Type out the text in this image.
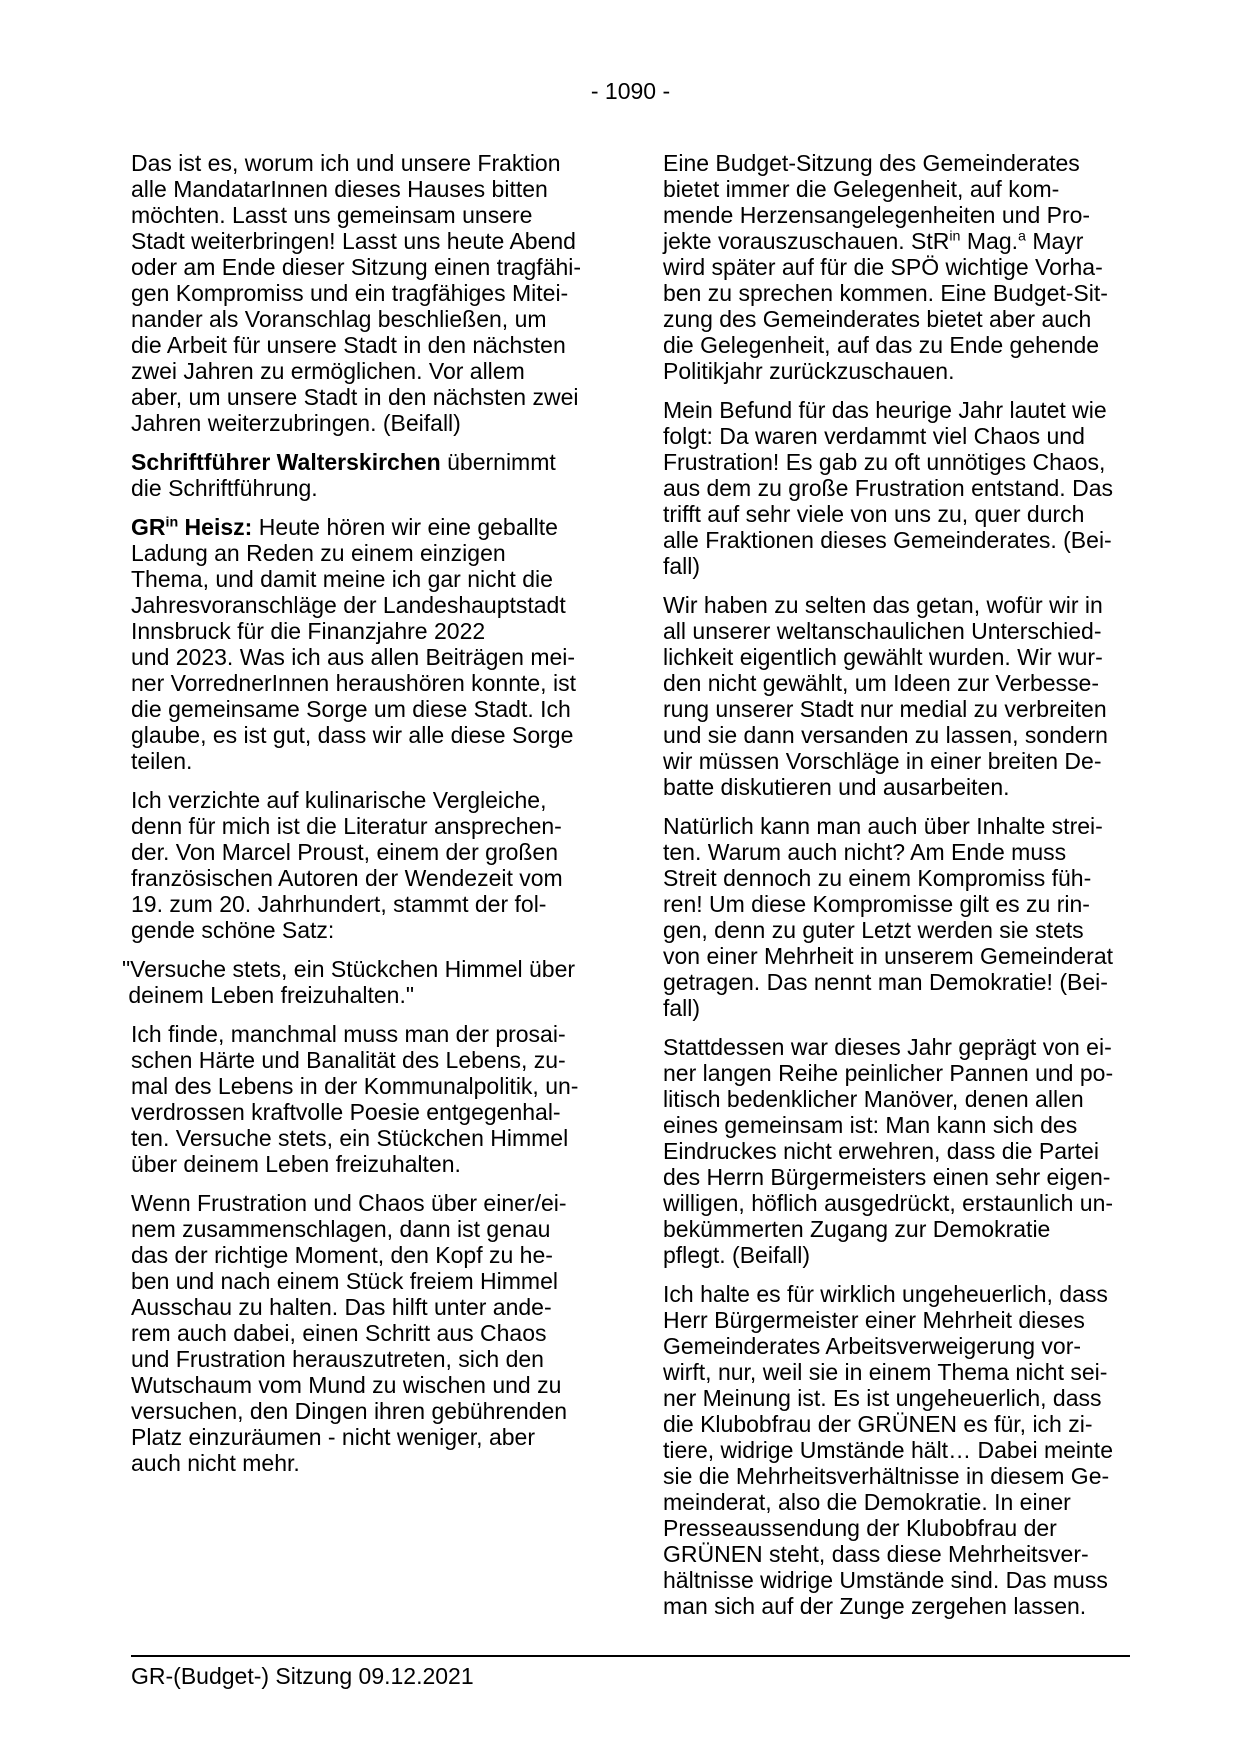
- 1090 -

Das ist es, worum ich und unsere Fraktion
alle MandatarInnen dieses Hauses bitten
möchten. Lasst uns gemeinsam unsere
Stadt weiterbringen! Lasst uns heute Abend
oder am Ende dieser Sitzung einen tragfähi-
gen Kompromiss und ein tragfähiges Mitei-
nander als Voranschlag beschließen, um
die Arbeit für unsere Stadt in den nächsten
zwei Jahren zu ermöglichen. Vor allem
aber, um unsere Stadt in den nächsten zwei
Jahren weiterzubringen. (Beifall)

Schriftführer Walterskirchen übernimmt
die Schriftführung.

$GR^{in}$ Heisz: Heute hören wir eine geballte
Ladung an Reden zu einem einzigen
Thema, und damit meine ich gar nicht die
Jahresvoranschläge der Landeshauptstadt
Innsbruck für die Finanzjahre 2022
und 2023. Was ich aus allen Beiträgen mei-
ner VorrednerInnen heraushören konnte, ist
die gemeinsame Sorge um diese Stadt. Ich
glaube, es ist gut, dass wir alle diese Sorge
teilen.

Ich verzichte auf kulinarische Vergleiche,
denn für mich ist die Literatur ansprechen-
der. Von Marcel Proust, einem der großen
französischen Autoren der Wendezeit vom
19. zum 20. Jahrhundert, stammt der fol-
gende schöne Satz:

"Versuche stets, ein Stückchen Himmel über
deinem Leben freizuhalten."

Ich finde, manchmal muss man der prosai-
schen Härte und Banalität des Lebens, zu-
mal des Lebens in der Kommunalpolitik, un-
verdrossen kraftvolle Poesie entgegenhal-
ten. Versuche stets, ein Stückchen Himmel
über deinem Leben freizuhalten.

Wenn Frustration und Chaos über einer/ei-
nem zusammenschlagen, dann ist genau
das der richtige Moment, den Kopf zu he-
ben und nach einem Stück freiem Himmel
Ausschau zu halten. Das hilft unter ande-
rem auch dabei, einen Schritt aus Chaos
und Frustration herauszutreten, sich den
Wutschaum vom Mund zu wischen und zu
versuchen, den Dingen ihren gebührenden
Platz einzuräumen - nicht weniger, aber
auch nicht mehr.

Eine Budget-Sitzung des Gemeinderates
bietet immer die Gelegenheit, auf kom-
mende Herzensangelegenheiten und Pro-
jekte vorauszuschauen. StR$^{in}$ Mag.$^a$ Mayr
wird später auf für die SPÖ wichtige Vorha-
ben zu sprechen kommen. Eine Budget-Sit-
zung des Gemeinderates bietet aber auch
die Gelegenheit, auf das zu Ende gehende
Politikjahr zurückzuschauen.

Mein Befund für das heurige Jahr lautet wie
folgt: Da waren verdammt viel Chaos und
Frustration! Es gab zu oft unnötiges Chaos,
aus dem zu große Frustration entstand. Das
trifft auf sehr viele von uns zu, quer durch
alle Fraktionen dieses Gemeinderates. (Bei-
fall)

Wir haben zu selten das getan, wofür wir in
all unserer weltanschaulichen Unterschied-
lichkeit eigentlich gewählt wurden. Wir wur-
den nicht gewählt, um Ideen zur Verbesse-
rung unserer Stadt nur medial zu verbreiten
und sie dann versanden zu lassen, sondern
wir müssen Vorschläge in einer breiten De-
batte diskutieren und ausarbeiten.

Natürlich kann man auch über Inhalte strei-
ten. Warum auch nicht? Am Ende muss
Streit dennoch zu einem Kompromiss füh-
ren! Um diese Kompromisse gilt es zu rin-
gen, denn zu guter Letzt werden sie stets
von einer Mehrheit in unserem Gemeinderat
getragen. Das nennt man Demokratie! (Bei-
fall)

Stattdessen war dieses Jahr geprägt von ei-
ner langen Reihe peinlicher Pannen und po-
litisch bedenklicher Manöver, denen allen
eines gemeinsam ist: Man kann sich des
Eindruckes nicht erwehren, dass die Partei
des Herrn Bürgermeisters einen sehr eigen-
willigen, höflich ausgedrückt, erstaunlich un-
bekümmerten Zugang zur Demokratie
pflegt. (Beifall)

Ich halte es für wirklich ungeheuerlich, dass
Herr Bürgermeister einer Mehrheit dieses
Gemeinderates Arbeitsverweigerung vor-
wirft, nur, weil sie in einem Thema nicht sei-
ner Meinung ist. Es ist ungeheuerlich, dass
die Klubobfrau der GRÜNEN es für, ich zi-
tiere, widrige Umstände hält… Dabei meinte
sie die Mehrheitsverhältnisse in diesem Ge-
meinderat, also die Demokratie. In einer
Presseaussendung der Klubobfrau der
GRÜNEN steht, dass diese Mehrheitsver-
hältnisse widrige Umstände sind. Das muss
man sich auf der Zunge zergehen lassen.

GR-(Budget-) Sitzung 09.12.2021
